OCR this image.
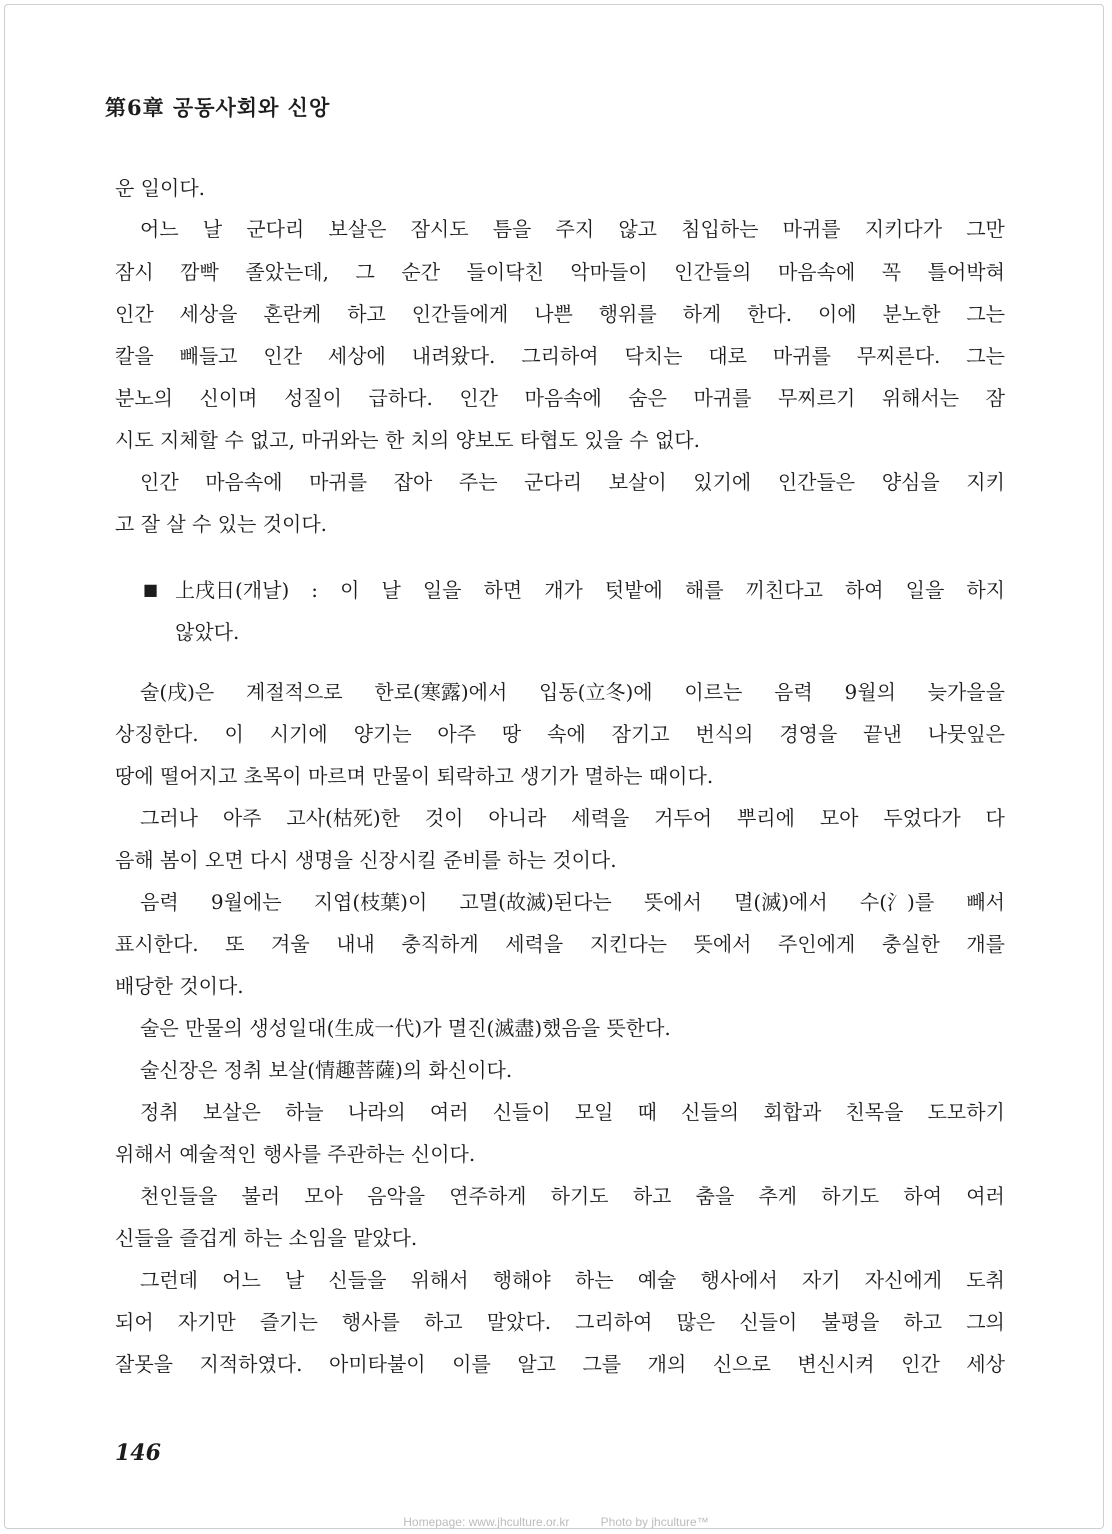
第6章 공동사회와 신앙
운 일이다.
어느 날 군다리 보살은 잠시도 틈을 주지 않고 침입하는 마귀를 지키다가 그만
잠시 깜빡 졸았는데, 그 순간 들이닥친 악마들이 인간들의 마음속에 꼭 틀어박혀
인간 세상을 혼란케 하고 인간들에게 나쁜 행위를 하게 한다. 이에 분노한 그는
칼을 빼들고 인간 세상에 내려왔다. 그리하여 닥치는 대로 마귀를 무찌른다. 그는
분노의 신이며 성질이 급하다. 인간 마음속에 숨은 마귀를 무찌르기 위해서는 잠
시도 지체할 수 없고, 마귀와는 한 치의 양보도 타협도 있을 수 없다.
인간 마음속에 마귀를 잡아 주는 군다리 보살이 있기에 인간들은 양심을 지키
고 잘 살 수 있는 것이다.
■ 上戌日(개날) : 이 날 일을 하면 개가 텃밭에 해를 끼친다고 하여 일을 하지
않았다.
술(戌)은 계절적으로 한로(寒露)에서 입동(立冬)에 이르는 음력 9월의 늦가을을
상징한다. 이 시기에 양기는 아주 땅 속에 잠기고 번식의 경영을 끝낸 나뭇잎은
땅에 떨어지고 초목이 마르며 만물이 퇴락하고 생기가 멸하는 때이다.
그러나 아주 고사(枯死)한 것이 아니라 세력을 거두어 뿌리에 모아 두었다가 다
음해 봄이 오면 다시 생명을 신장시킬 준비를 하는 것이다.
음력 9월에는 지엽(枝葉)이 고멸(故滅)된다는 뜻에서 멸(滅)에서 수(氵)를 빼서
표시한다. 또 겨울 내내 충직하게 세력을 지킨다는 뜻에서 주인에게 충실한 개를
배당한 것이다.
술은 만물의 생성일대(生成一代)가 멸진(滅盡)했음을 뜻한다.
술신장은 정취 보살(情趣菩薩)의 화신이다.
정취 보살은 하늘 나라의 여러 신들이 모일 때 신들의 회합과 친목을 도모하기
위해서 예술적인 행사를 주관하는 신이다.
천인들을 불러 모아 음악을 연주하게 하기도 하고 춤을 추게 하기도 하여 여러
신들을 즐겁게 하는 소임을 맡았다.
그런데 어느 날 신들을 위해서 행해야 하는 예술 행사에서 자기 자신에게 도취
되어 자기만 즐기는 행사를 하고 말았다. 그리하여 많은 신들이 불평을 하고 그의
잘못을 지적하였다. 아미타불이 이를 알고 그를 개의 신으로 변신시켜 인간 세상
146
Homepage: www.jhculture.or.kr	Photo by jhculture™
